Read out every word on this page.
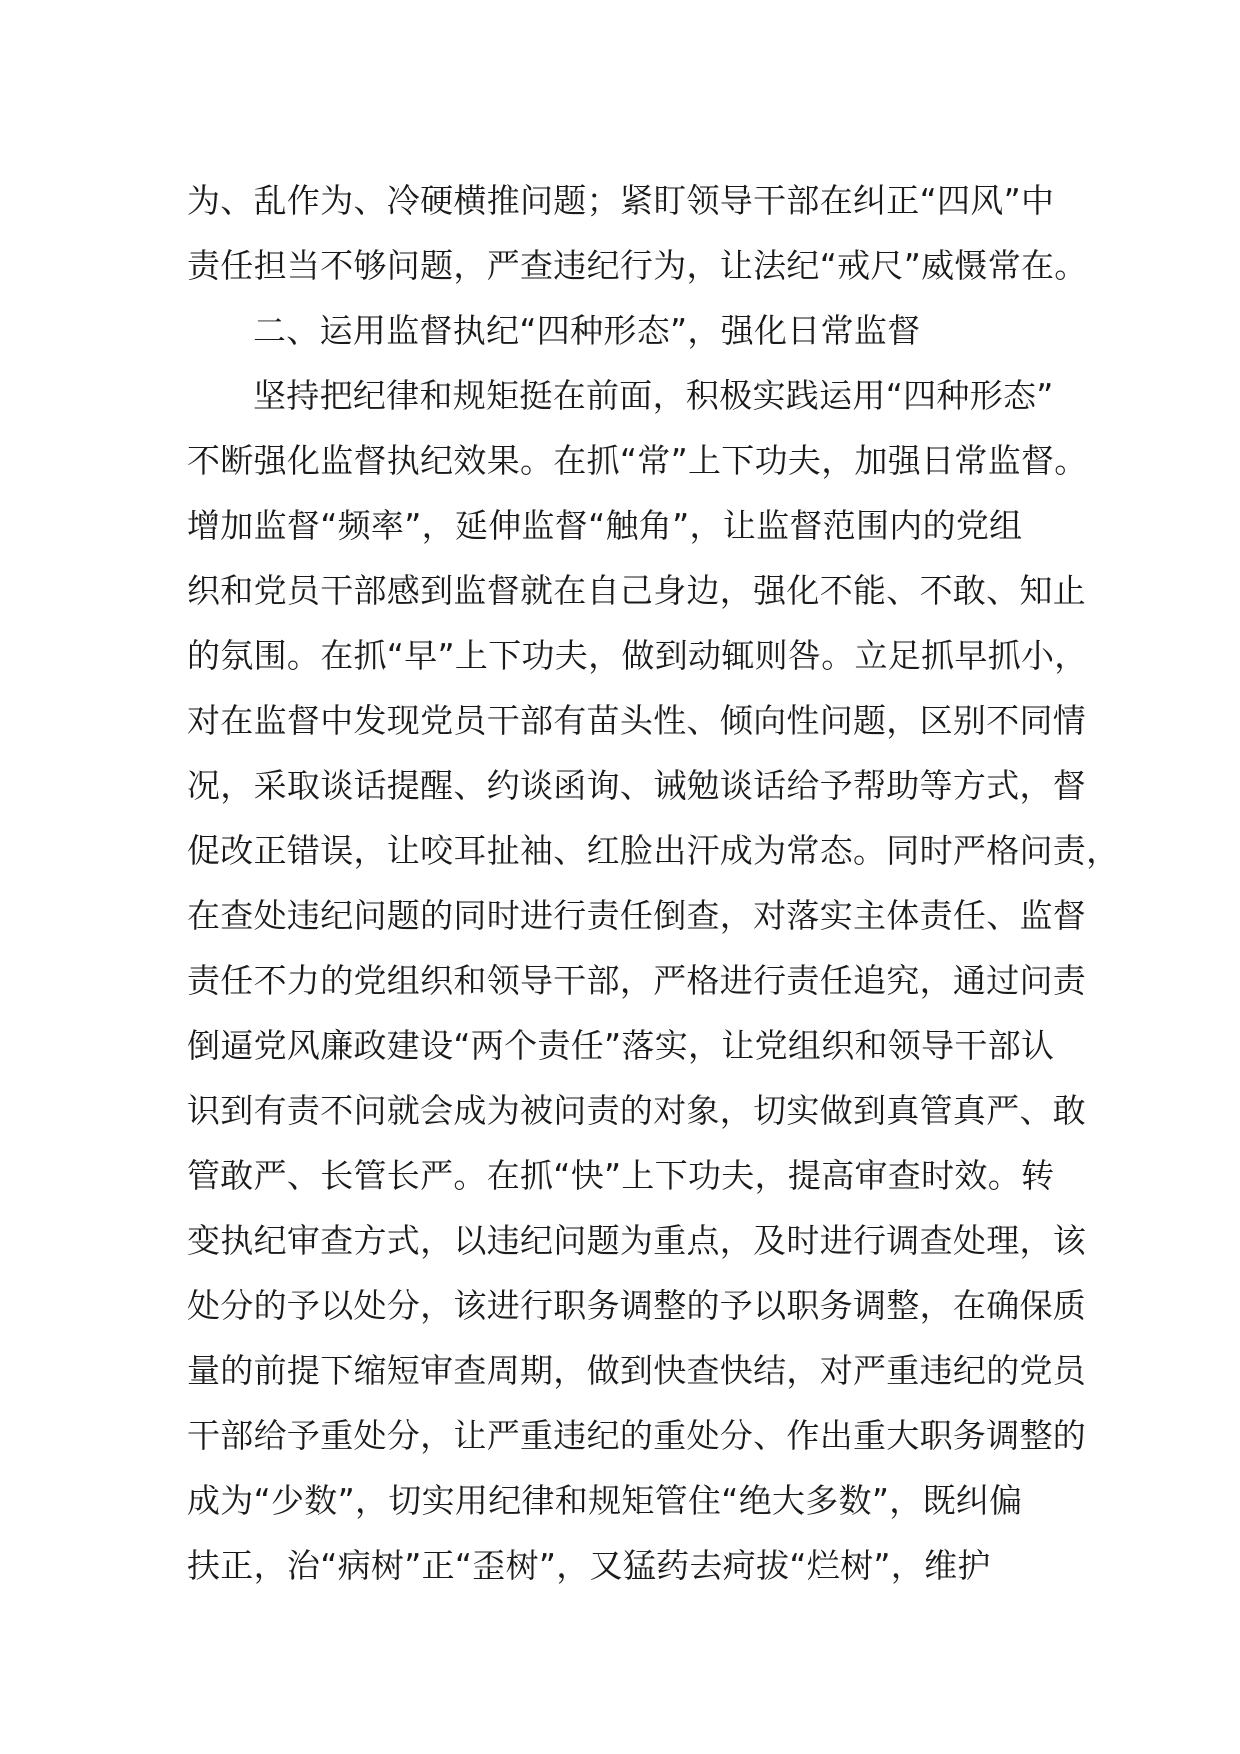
为、乱作为、冷硬横推问题；紧盯领导干部在纠正“四风”中
责任担当不够问题，严查违纪行为，让法纪“戒尺”威慑常在。
二、运用监督执纪“四种形态”，强化日常监督
坚持把纪律和规矩挺在前面，积极实践运用“四种形态”
不断强化监督执纪效果。在抓“常”上下功夫，加强日常监督。
增加监督“频率”，延伸监督“触角”，让监督范围内的党组
织和党员干部感到监督就在自己身边，强化不能、不敢、知止
的氛围。在抓“早”上下功夫，做到动辄则咎。立足抓早抓小，
对在监督中发现党员干部有苗头性、倾向性问题，区别不同情
况，采取谈话提醒、约谈函询、诫勉谈话给予帮助等方式，督
促改正错误，让咬耳扯袖、红脸出汗成为常态。同时严格问责，
在查处违纪问题的同时进行责任倒查，对落实主体责任、监督
责任不力的党组织和领导干部，严格进行责任追究，通过问责
倒逼党风廉政建设“两个责任”落实，让党组织和领导干部认
识到有责不问就会成为被问责的对象，切实做到真管真严、敢
管敢严、长管长严。在抓“快”上下功夫，提高审查时效。转
变执纪审查方式，以违纪问题为重点，及时进行调查处理，该
处分的予以处分，该进行职务调整的予以职务调整，在确保质
量的前提下缩短审查周期，做到快查快结，对严重违纪的党员
干部给予重处分，让严重违纪的重处分、作出重大职务调整的
成为“少数”，切实用纪律和规矩管住“绝大多数”，既纠偏
扶正，治“病树”正“歪树”，又猛药去疴拔“烂树”，维护
